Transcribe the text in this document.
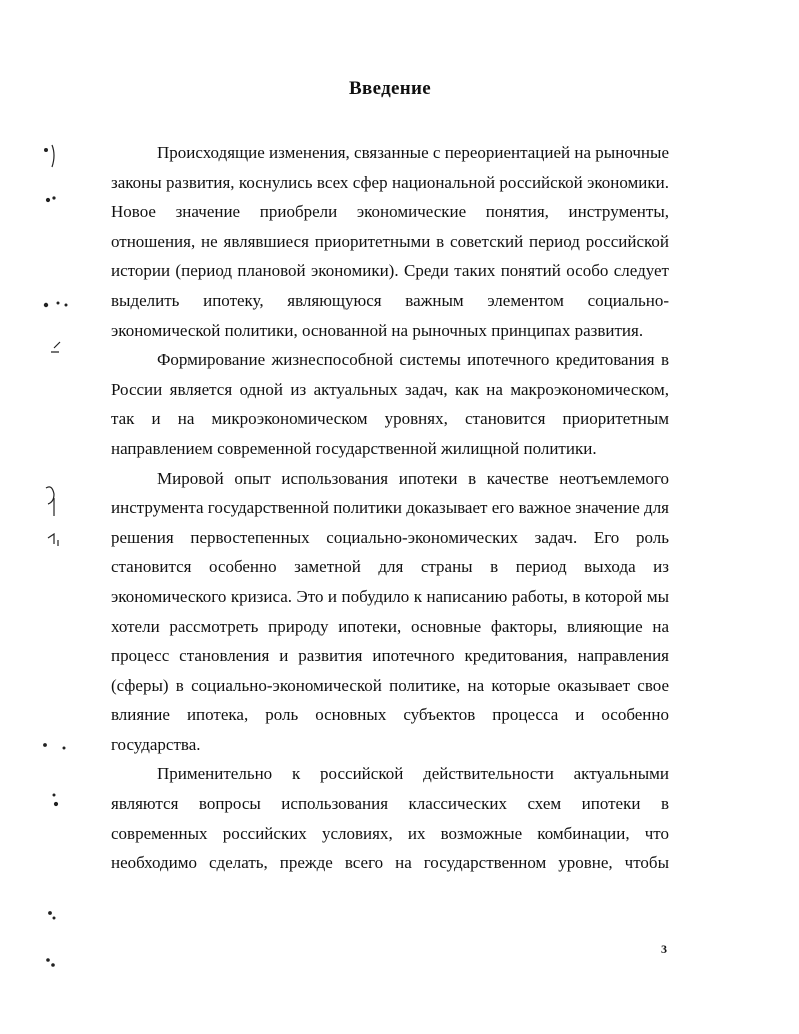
Введение

Происходящие изменения, связанные с переориентацией на рыночные законы развития, коснулись всех сфер национальной российской экономики. Новое значение приобрели экономические понятия, инструменты, отношения, не являвшиеся приоритетными в советский период российской истории (период плановой экономики). Среди таких понятий особо следует выделить ипотеку, являющуюся важным элементом социально-экономической политики, основанной на рыночных принципах развития.

Формирование жизнеспособной системы ипотечного кредитования в России является одной из актуальных задач, как на макроэкономическом, так и на микроэкономическом уровнях, становится приоритетным направлением современной государственной жилищной политики.

Мировой опыт использования ипотеки в качестве неотъемлемого инструмента государственной политики доказывает его важное значение для решения первостепенных социально-экономических задач. Его роль становится особенно заметной для страны в период выхода из экономического кризиса. Это и побудило к написанию работы, в которой мы хотели рассмотреть природу ипотеки, основные факторы, влияющие на процесс становления и развития ипотечного кредитования, направления (сферы) в социально-экономической политике, на которые оказывает свое влияние ипотека, роль основных субъектов процесса и особенно государства.

Применительно к российской действительности актуальными являются вопросы использования классических схем ипотеки в современных российских условиях, их возможные комбинации, что необходимо сделать, прежде всего на государственном уровне, чтобы

3
